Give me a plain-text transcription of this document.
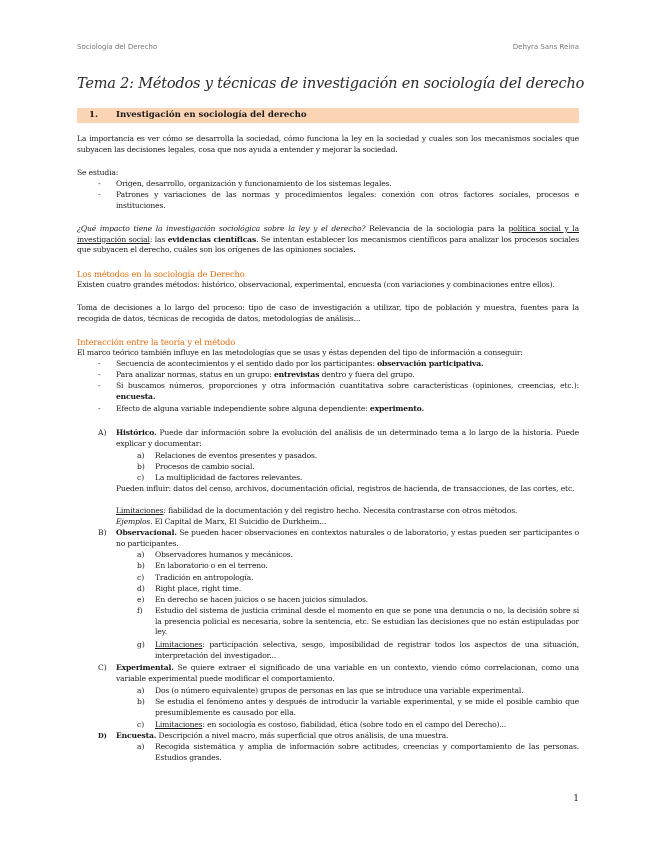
Sociología del Derecho	Dehyra Sans Reina
Tema 2: Métodos y técnicas de investigación en sociología del derecho
1. Investigación en sociología del derecho
La importancia es ver cómo se desarrolla la sociedad, cómo funciona la ley en la sociedad y cuales son los mecanismos sociales que subyacen las decisiones legales, cosa que nos ayuda a entender y mejorar la sociedad.
Se estudia:
- Origen, desarrollo, organización y funcionamiento de los sistemas legales.
- Patrones y variaciones de las normas y procedimientos legales: conexión con otros factores sociales, procesos e instituciones.
¿Qué impacto tiene la investigación sociológica sobre la ley y el derecho? Relevancia de la sociología para la política social y la investigación social: las evidencias científicas. Se intentan establecer los mecanismos científicos para analizar los procesos sociales que subyacen el derecho, cuáles son los orígenes de las opiniones sociales.
Los métodos en la sociología de Derecho
Existen cuatro grandes métodos: histórico, observacional, experimental, encuesta (con variaciones y combinaciones entre ellos).
Toma de decisiones a lo largo del proceso: tipo de caso de investigación a utilizar, tipo de población y muestra, fuentes para la recogida de datos, técnicas de recogida de datos, metodologías de análisis...
Interacción entre la teoría y el método
El marco teórico también influye en las metodologías que se usas y éstas dependen del tipo de información a conseguir:
- Secuencia de acontecimientos y el sentido dado por los participantes: observación participativa.
- Para analizar normas, status en un grupo: entrevistas dentro y fuera del grupo.
- Si buscamos números, proporciones y otra información cuantitativa sobre características (opiniones, creencias, etc.): encuesta.
- Efecto de alguna variable independiente sobre alguna dependiente: experimento.
A) Histórico. Puede dar información sobre la evolución del análisis de un determinado tema a lo largo de la historia. Puede explicar y documentar:
a) Relaciones de eventos presentes y pasados.
b) Procesos de cambio social.
c) La multiplicidad de factores relevantes.
Pueden influir: datos del censo, archivos, documentación oficial, registros de hacienda, de transacciones, de las cortes, etc.
Limitaciones: fiabilidad de la documentación y del registro hecho. Necesita contrastarse con otros métodos.
Ejemplos. El Capital de Marx, El Suicidio de Durkheim...
B) Observacional. Se pueden hacer observaciones en contextos naturales o de laboratorio, y estas pueden ser participantes o no participantes.
a) Observadores humanos y mecánicos.
b) En laboratorio o en el terreno.
c) Tradición en antropología.
d) Right place, right time.
e) En derecho se hacen juicios o se hacen juicios simulados.
f) Estudio del sistema de justicia criminal desde el momento en que se pone una denuncia o no, la decisión sobre si la presencia policial es necesaria, sobre la sentencia, etc. Se estudian las decisiones que no están estipuladas por ley.
g) Limitaciones: participación selectiva, sesgo, imposibilidad de registrar todos los aspectos de una situación, interpretación del investigador...
C) Experimental. Se quiere extraer el significado de una variable en un contexto, viendo cómo correlacionan, como una variable experimental puede modificar el comportamiento.
a) Dos (o número equivalente) grupos de personas en las que se introduce una variable experimental.
b) Se estudia el fenómeno antes y después de introducir la variable experimental, y se mide el posible cambio que presumiblemente es causado por ella.
c) Limitaciones: en sociología es costoso, fiabilidad, ética (sobre todo en el campo del Derecho)...
D) Encuesta. Descripción a nivel macro, más superficial que otros análisis, de una muestra.
a) Recogida sistemática y amplia de información sobre actitudes, creencias y comportamiento de las personas. Estudios grandes.
1
